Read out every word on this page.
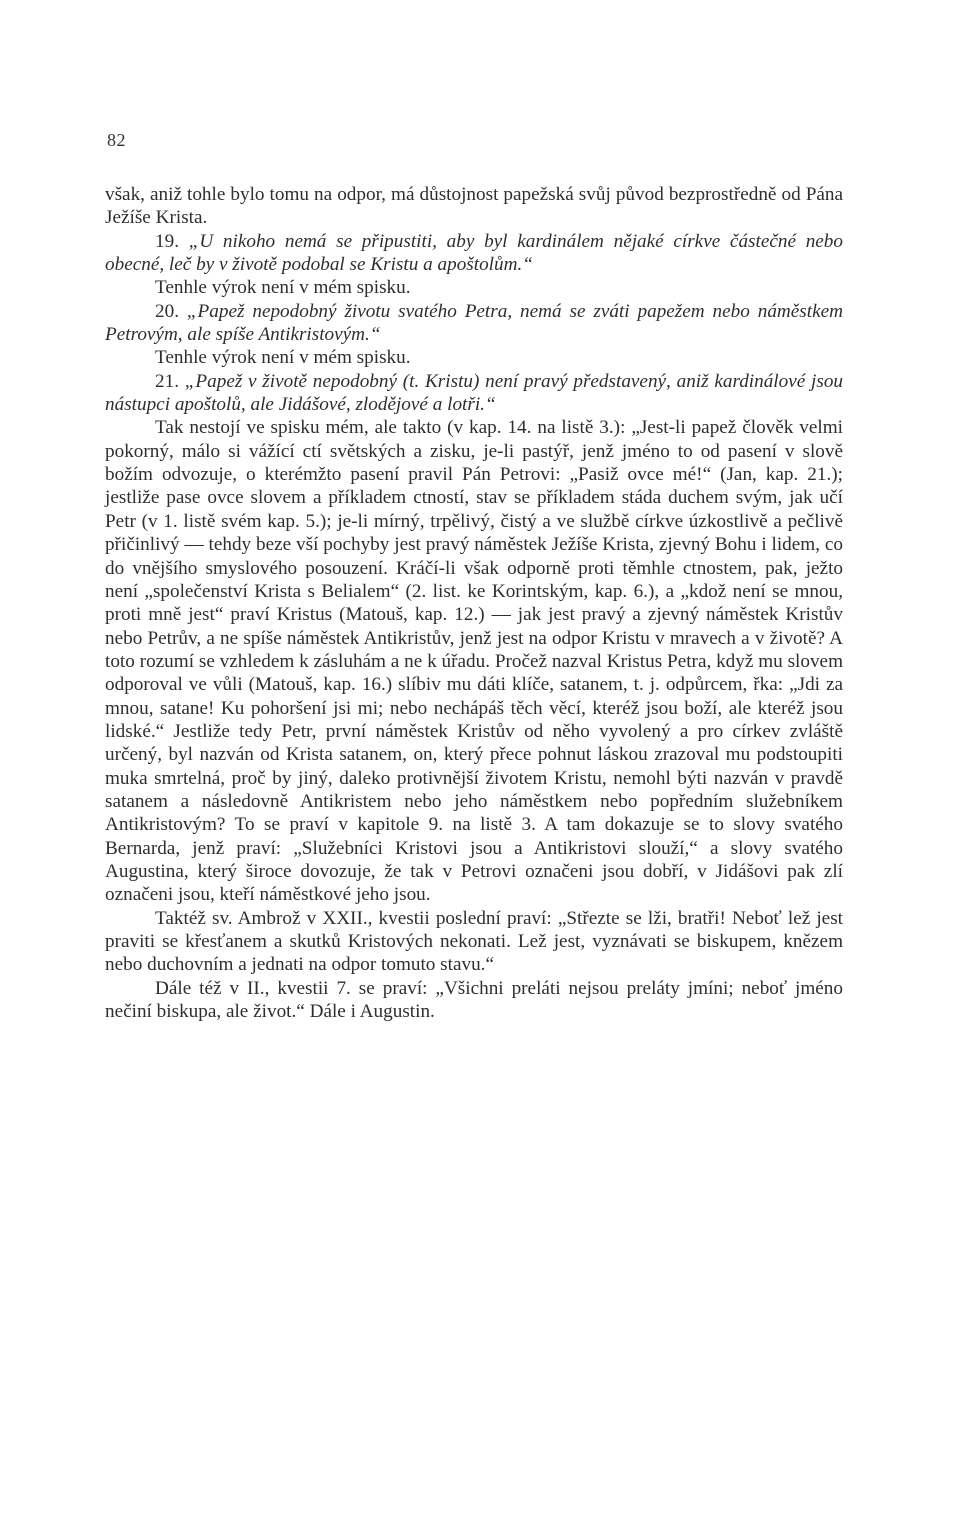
82

však, aniž tohle bylo tomu na odpor, má důstojnost papežská svůj původ bezprostředně od Pána Ježíše Krista.

19. „U nikoho nemá se připustiti, aby byl kardinálem nějaké církve částečné nebo obecné, leč by v životě podobal se Kristu a apoštolům.“

Tenhle výrok není v mém spisku.

20. „Papež nepodobný životu svatého Petra, nemá se zváti papežem nebo náměstkem Petrovým, ale spíše Antikristovým.“

Tenhle výrok není v mém spisku.

21. „Papež v životě nepodobný (t. Kristu) není pravý představený, aniž kardinálové jsou nástupci apoštolů, ale Jidášové, zlodějové a lotři.“

Tak nestojí ve spisku mém, ale takto (v kap. 14. na listě 3.): „Jest-li papež člověk velmi pokorný, málo si vážící ctí světských a zisku, je-li pastýř, jenž jméno to od pasení v slově božím odvozuje, o kterémžto pasení pravil Pán Petrovi: „Pasiž ovce mé!“ (Jan, kap. 21.); jestliže pase ovce slovem a příkladem ctností, stav se příkladem stáda duchem svým, jak učí Petr (v 1. listě svém kap. 5.); je-li mírný, trpělivý, čistý a ve službě církve úzkostlivě a pečlivě přičinlivý — tehdy beze vší pochyby jest pravý náměstek Ježíše Krista, zjevný Bohu i lidem, co do vnějšího smyslového posouzení. Kráčí-li však odporně proti těmhle ctnostem, pak, ježto není „společenství Krista s Belialem“ (2. list. ke Korintským, kap. 6.), a „kdož není se mnou, proti mně jest“ praví Kristus (Matouš, kap. 12.) — jak jest pravý a zjevný náměstek Kristův nebo Petrův, a ne spíše náměstek Antikristův, jenž jest na odpor Kristu v mravech a v životě? A toto rozumí se vzhledem k zásluhám a ne k úřadu. Pročež nazval Kristus Petra, když mu slovem odporoval ve vůli (Matouš, kap. 16.) slíbiv mu dáti klíče, satanem, t. j. odpůrcem, řka: „Jdi za mnou, satane! Ku pohoršení jsi mi; nebo nechápáš těch věcí, kteréž jsou boží, ale kteréž jsou lidské.“ Jestliže tedy Petr, první náměstek Kristův od něho vyvolený a pro církev zvláště určený, byl nazván od Krista satanem, on, který přece pohnut láskou zrazoval mu podstoupiti muka smrtelná, proč by jiný, daleko protivnější životem Kristu, nemohl býti nazván v pravdě satanem a následovně Antikristem nebo jeho náměstkem nebo popředním služebníkem Antikristovým? To se praví v kapitole 9. na listě 3. A tam dokazuje se to slovy svatého Bernarda, jenž praví: „Služebníci Kristovi jsou a Antikristovi slouží,“ a slovy svatého Augustina, který široce dovozuje, že tak v Petrovi označeni jsou dobří, v Jidášovi pak zlí označeni jsou, kteří náměstkové jeho jsou.

Taktéž sv. Ambrož v XXII., kvestii poslední praví: „Střezte se lži, bratři! Neboť lež jest praviti se křesťanem a skutků Kristových nekonati. Lež jest, vyznávati se biskupem, knězem nebo duchovním a jednati na odpor tomuto stavu.“

Dále též v II., kvestii 7. se praví: „Všichni preláti nejsou preláty jmíni; neboť jméno nečiní biskupa, ale život.“ Dále i Augustin.
